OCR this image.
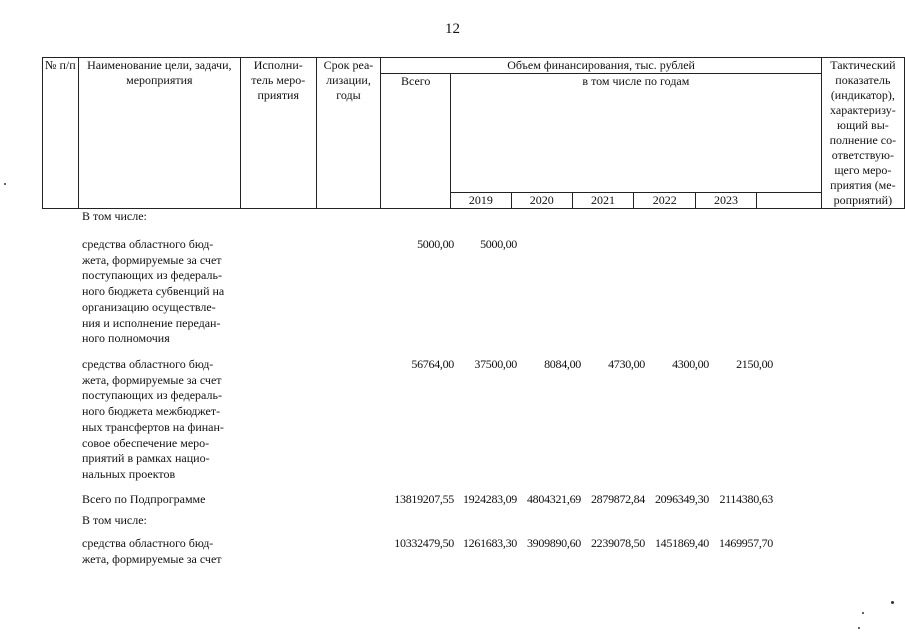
12
№ п/п	Наименование цели, задачи, мероприятия	Исполни-тель меро-приятия	Срок реа-лизации, годы	Объем финансирования, тыс. рублей							Тактический показатель (индикатор), характеризу-ющий вы-полнение со-ответствую-щего меро-приятия (ме-роприятий)
				Всего	в том числе по годам						
					2019	2020	2021	2022	2023		
В том числе:
средства областного бюд-
жета, формируемые за счет
поступающих из федераль-
ного бюджета субвенций на
организацию осуществле-
ния и исполнение передан-
ного полномочия
5000,00	5000,00
средства областного бюд-
жета, формируемые за счет
поступающих из федераль-
ного бюджета межбюджет-
ных трансфертов на финан-
совое обеспечение меро-
приятий в рамках нацио-
нальных проектов
56764,00	37500,00	8084,00	4730,00	4300,00	2150,00
Всего по Подпрограмме	13819207,55 1924283,09 4804321,69 2879872,84 2096349,30 2114380,63
В том числе:
средства областного бюд-
жета, формируемые за счет
10332479,50 1261683,30 3909890,60 2239078,50 1451869,40 1469957,70
